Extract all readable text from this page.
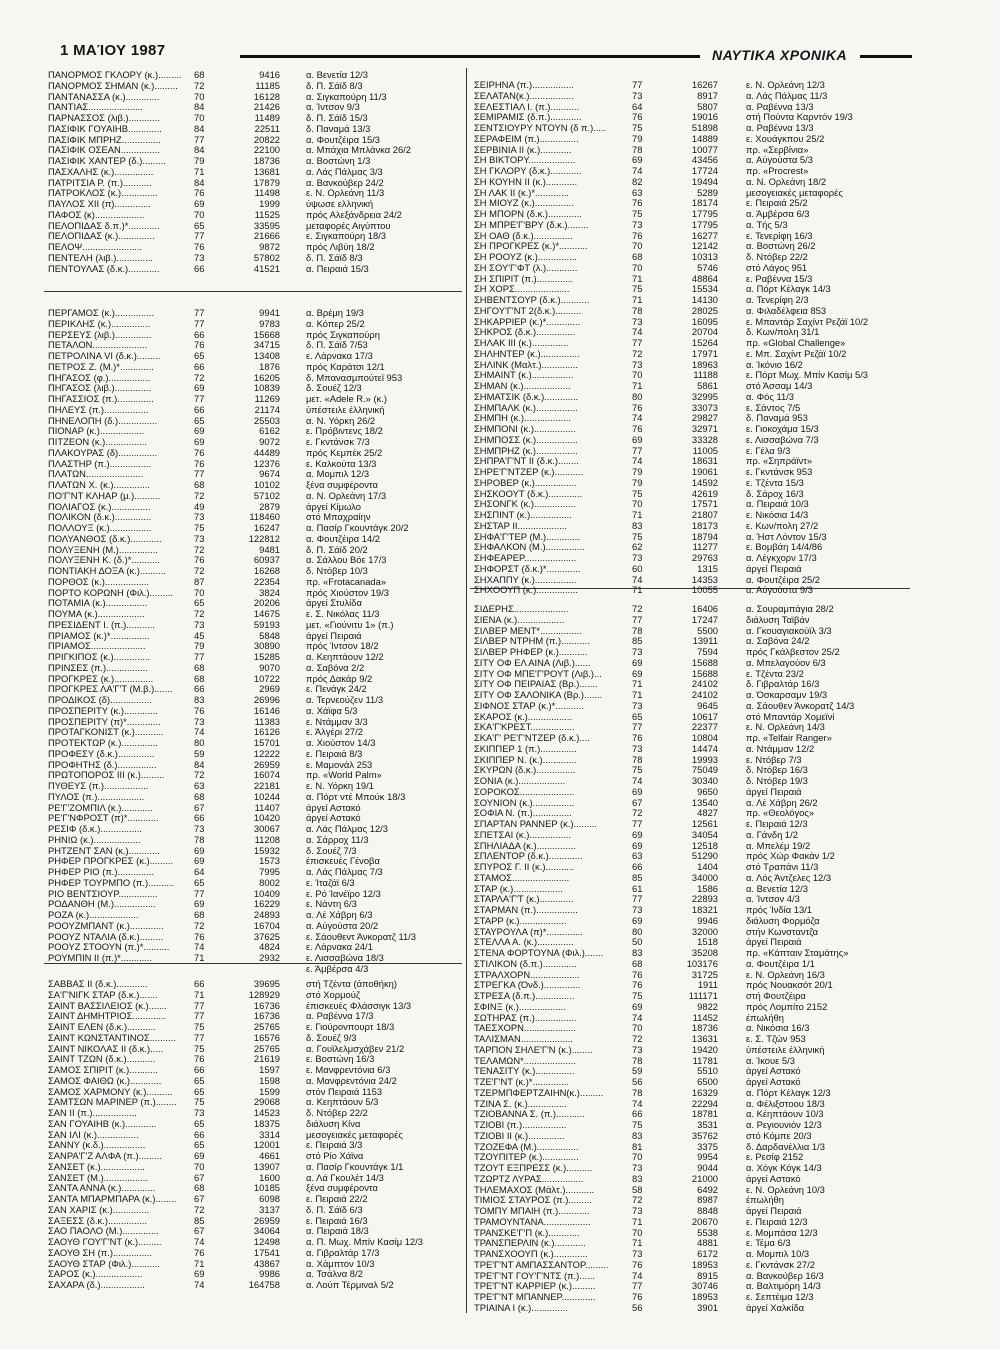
1 ΜΑΊΟΥ 1987	ΝΑΥΤΙΚΑ ΧΡΟΝΙΚΑ
ΠΑΝΟΡΜΟΣ ΓΚΛΟΡΥ (κ.).........	68	9416	α. Βενετία 12/3
ΠΑΝΟΡΜΟΣ ΣΗΜΑΝ (κ.).........	72	11185	δ. Π. Σάϊδ 8/3
ΠΑΝΤΑΝΑΣΣΑ (κ.).............	70	16128	α. Σιγκαπούρη 11/3
ΠΑΝΤΙΑΣ.....................	84	21426	α. Ίντσον 9/3
ΠΑΡΝΑΣΣΟΣ (λιβ.)............	70	11489	δ. Π. Σάϊδ 15/3
ΠΑΣΙΦΙΚ ΓΟΥΑΙΗΒ.............	84	22511	δ. Παναμά 13/3
ΠΑΣΙΦΙΚ ΜΠΡΗΖ...............	77	20822	α. Φουτζέιρα 15/3
ΠΑΣΙΦΙΚ ΟΣΕΑΝ...............	84	22100	α. Μπάχια Μπλάνκα 26/2
ΠΑΣΙΦΙΚ ΧΑΝΤΕΡ (δ.).........	79	18736	α. Βοστώνη 1/3
ΠΑΣΧΑΛΗΣ (κ.)...............	71	13681	α. Λάς Πάλμας 3/3
ΠΑΤΡΙΤΣΙΑ Ρ. (π.)...........	84	17879	α. Βανκούβερ 24/2
ΠΑΤΡΟΚΛΟΣ (κ.)..............	76	11498	ε. Ν. Ορλεάνη 11/3
ΠΑΥΛΟΣ XII (π)..............	69	1999	ύψωσε ελληνική
ΠΑΦΟΣ (κ)...................	70	11525	πρός Αλεξάνδρεια 24/2
ΠΕΛΟΠΙΔΑΣ δ.π.)*............	65	33595	μεταφορές Αιγύπτου
ΠΕΛΟΠΙΔΑΣ (κ.)..............	77	21666	ε. Σιγκαπούρη 18/3
ΠΕΛΟΨ.......................	76	9872	πρός Λιβύη 18/2
ΠΕΝΤΕΛΗ (λιβ.)..............	73	57802	δ. Π. Σάϊδ 8/3
ΠΕΝΤΟΥΛΑΣ (δ.κ.)............	66	41521	α. Πειραιά 15/3
ΠΕΡΓΑΜΟΣ (κ.)...............	77	9941	α. Βρέμη 19/3
ΠΕΡΙΚΛΗΣ (κ.)...............	77	9783	α. Κόπερ 25/2
ΠΕΡΣΕΥΣ (λιβ.)..............	66	15668	πρός Σιγκαπούρη
ΠΕΤΑΛΟΝ.....................	76	34715	δ. Π. Σάϊδ 7/53
ΠΕΤΡΟΛΙΝΑ VI (δ.κ.).........	65	13408	ε. Λάρνακα 17/3
ΠΕΤΡΟΣ Ζ. (Μ.)*.............	66	1876	πρός Καράτσι 12/1
ΠΗΓΑΣΟΣ (φ.)................	72	16205	δ. Μπανασμπούτεϊ 953
ΠΗΓΑΣΟΣ (λιβ.)..............	69	10839	δ. Σουέζ 12/3
ΠΗΓΑΣΣΙΟΣ (π.)..............	77	11269	μετ. «Adele R.» (κ.)
ΠΗΛΕΥΣ (π.).................	66	21174	ύπέστειλε έλληνική
ΠΗΝΕΛΟΠΗ (δ.)...............	65	25503	α. Ν. Υόρκη 26/2
ΠΙΟΝΑΡ (κ.).................	69	6162	ε. Πρόβιντενς 18/2
ΠΙΤΖΕΟΝ (κ.)................	69	9072	ε. Γκντάνσκ 7/3
ΠΛΑΚΟΥΡΑΣ (δ)...............	76	44489	πρός Κεμπέκ 25/2
ΠΛΑΣΤΗΡ (π.)................	76	12376	ε. Καλκούτα 13/3
ΠΛΑΤΩΝ......................	77	9674	α. Μομπιλ 12/3
ΠΛΑΤΩΝ Χ. (κ.)..............	68	10102	ξένα συμφέροντα
ΠΟ'Γ'ΝΤ ΚΛΗΑΡ (μ.)..........	72	57102	α. Ν. Ορλεάνη 17/3
ΠΟΛΙΑΓΟΣ (κ.)...............	49	2879	άργεί Κίμωλο
ΠΟΛΙΚΟΝ (δ.κ.)..............	73	118460	στό Μπαχραίην
ΠΟΛΛΟΥΞ (κ.)................	75	16247	α. Πασίρ Γκουντάγκ 20/2
ΠΟΛΥΑΝΘΟΣ (δ.κ.)............	73	122812	α. Φουτζέιρα 14/2
ΠΟΛΥΞΕΝΗ (Μ.)...............	72	9481	δ. Π. Σάϊδ 20/2
ΠΟΛΥΞΕΝΗ Κ. (δ.)*...........	76	60937	α. Σάλλου Βόε 17/3
ΠΟΝΤΙΑΚΗ ΔΟΞΑ (κ.)..........	72	16268	δ. Ντόβερ 10/3
ΠΟΡΘΟΣ (κ.).................	87	22354	πρ. «Frotacanada»
ΠΟΡΤΟ ΚΟΡΩΝΗ (Φιλ.).........	70	3824	πρός Χιούστον 19/3
ΠΟΤΑΜΙΑ (κ.)................	65	20206	άργεί Στυλίδα
ΠΟΥΜΑ (κ.)..................	72	14675	ε. Σ. Νικόλας 11/3
ΠΡΕΣΙΔΕΝΤ Ι. (π.)...........	73	59193	μετ. «Γιούνιτυ 1» (π.)
ΠΡΙΑΜΟΣ (κ.)*...............	45	5848	άργεί Πειραιά
ΠΡΙΑΜΟΣ.....................	79	30890	πρός Ίντσον 18/2
ΠΡΙΓΚΙΠΟΣ (κ.)..............	77	15285	α. Κεηπτάουν 12/2
ΠΡΙΝΣΕΣ (π.)................	68	9070	α. Σαβόνα 2/2
ΠΡΟΓΚΡΕΣ (κ.)...............	68	10722	πρός Δακάρ 9/2
ΠΡΟΓΚΡΕΣ ΛΑ'Γ'Τ (Μ.β.).......	66	2969	ε. Πενάγκ 24/2
ΠΡΟΔΙΚΟΣ (δ)................	83	26996	α. Τερνεούζεν 11/3
ΠΡΟΣΠΕΡΙΤΥ (κ.).............	76	16146	α. Χάϊφα 5/3
ΠΡΟΣΠΕΡΙΤΥ (π)*.............	73	11383	ε. Ντάμμαν 3/3
ΠΡΟΤΑΓΚΟΝΙΣΤ (κ.)...........	74	16126	ε. Άλγέρι 27/2
ΠΡΟΤΕΚΤΩΡ (κ.)..............	80	15701	α. Χιούστον 14/3
ΠΡΟΦΕΣΥ (δ.κ.)..............	59	12222	ε. Πειραιά 8/3
ΠΡΟΦΗΤΗΣ (δ.)...............	84	26959	ε. Μαμονάλ 253
ΠΡΩΤΟΠΟΡΟΣ ΙΙΙ (κ.).........	72	16074	πρ. «World Palm»
ΠΥΘΕΥΣ (π.).................	63	22181	ε. Ν. Υόρκη 19/1
ΠΥΛΟΣ (π.)..................	68	10244	α. Πόρτ ντέ Μπούκ 18/3
ΡΕ'Γ'ΖΟΜΠΙΛ (κ.)............	67	11407	άργεί Αστακό
ΡΕ'Γ'ΝΦΡΟΣΤ (π)*............	66	10420	άργεί Αστακό
ΡΕΣΙΦ (δ.κ.)................	73	30067	α. Λάς Πάλμας 12/3
ΡΗΝΙΩ (κ.)..................	78	11208	α. Σάρροχ 11/3
ΡΗΤΖΕΝΤ ΣΑΝ (κ.)............	69	15932	δ. Σουέζ 7/3
ΡΗΦΕΡ ΠΡΟΓΚΡΕΣ (κ.).........	69	1573	έπισκευές Γένοβα
ΡΗΦΕΡ ΡΙΟ (π.)..............	64	7995	α. Λάς Πάλμας 7/3
ΡΗΦΕΡ ΤΟΥΡΜΠΟ (π.)..........	65	8002	ε. Ίταζάϊ 6/3
ΡΙΟ ΒΕΝΤΣΙΟΥΡ...............	77	10409	ε. Ρό Ίανέϊρο 12/3
ΡΟΔΑΝΘΗ (Μ.)................	69	16229	ε. Νάντη 6/3
ΡΟΖΑ (κ.)...................	68	24893	α. Λέ Χάβρη 6/3
ΡΟΟΥΖΜΠΑΝΤ (κ.).............	72	16704	α. Αύγούστα 20/2
ΡΟΟΥΖ ΝΤΑΛΙΑ (δ.κ.).........	76	37625	ε. Σάουθεντ Άνκορατζ 11/3
ΡΟΟΥΖ ΣΤΟΟΥΝ (π.)*..........	74	4824	ε. Λάρνακα 24/1
ΡΟΥΜΠΙΝ ΙΙ (π.)*............	71	2932	ε. Λισσαβώνα 18/3
ε. Άμβέρσα 4/3
ΣΑΒΒΑΣ ΙΙ (δ.κ.)............	66	39695	στή Τζέντα (άποθήκη)
ΣΑ'Γ'ΝΙΓΚ ΣΤΑΡ (δ.κ.).......	71	128929	στό Χορμούζ
ΣΑΙΝΤ ΒΑΣΣΙΛΕΙΟΣ (κ.).......	77	16736	έπισκευές Φλάσσιγκ 13/3
ΣΑΙΝΤ ΔΗΜΗΤΡΙΟΣ.............	77	16736	α. Ραβέννα 17/3
ΣΑΙΝΤ ΕΛΕΝ (δ.κ.)...........	75	25765	ε. Γιούρονπουρτ 18/3
ΣΑΙΝΤ ΚΩΝΣΤΑΝΤΙΝΟΣ..........	77	16576	δ. Σουέζ 9/3
ΣΑΙΝΤ ΝΙΚΟΛΑΣ ΙΙ (δ.κ.).....	75	25765	α. Γουϊλελμσχάβεν 21/2
ΣΑΙΝΤ ΤΖΩΝ (δ.κ.)...........	76	21619	ε. Βοστώνη 16/3
ΣΑΜΟΣ ΣΠΙΡΙΤ (κ.)...........	66	1597	ε. Μανφρεντόνια 6/3
ΣΑΜΟΣ ΦΑΙΘΩ (κ.)............	65	1598	α. Μανφρεντόνια 24/2
ΣΑΜΟΣ ΧΑΡΜΟΝΥ (κ.)..........	65	1599	στόν Πειραιά 1153
ΣΑΜΤΣΩΝ ΜΑΡΙΝΕΡ (π.)........	75	29068	α. Κεηπτάουν 5/3
ΣΑΝ ΙΙ (π.).................	73	14523	δ. Ντόβερ 22/2
ΣΑΝ ΓΟΥΑΙΗΒ (κ.)............	65	18375	διάλυση Κίνα
ΣΑΝ ΙΛΙ (κ.)................	66	3314	μεσογειακές μεταφορές
ΣΑΝΝΥ (κ.δ.)................	65	12001	ε. Πειραιά 3/3
ΣΑΝΡΑ'Γ'Ζ ΑΛΦΑ (π.).........	69	4661	στό Ρίο Χάϊνα
ΣΑΝΣΕΤ (κ.).................	70	13907	α. Πασίρ Γκουντάγκ 1/1
ΣΑΝΣΕΤ (Μ.).................	67	1600	α. Λά Γκουλέτ 14/3
ΣΑΝΤΑ ΑΝΝΑ (κ.).............	68	10185	ξένα συμφέροντα
ΣΑΝΤΑ ΜΠΑΡΜΠΑΡΑ (κ.)........	67	6098	ε. Πειραιά 22/2
ΣΑΝ ΧΑΡΙΣ (κ.)..............	72	3137	δ. Π. Σάϊδ 6/3
ΣΑΞΕΣΣ (δ.κ.)...............	85	26959	ε. Πειραιά 16/3
ΣΑΟ ΠΑΟΛΟ (Μ.)..............	67	34064	α. Πειραιά 18/3
ΣΑΟΥΘ ΓΟΥ'Γ'ΝΤ (κ.).........	74	12498	α. Π. Μωχ. Μπίν Κασίμ 12/3
ΣΑΟΥΘ ΣΗ (π.)...............	76	17541	α. Γιβραλτάρ 17/3
ΣΑΟΥΘ ΣΤΑΡ (Φιλ.)...........	71	43867	α. Χάμπτον 10/3
ΣΑΡΟΣ (κ.)..................	69	9986	α. Τσάλνα 8/2
ΣΑΧΑΡΑ (δ.).................	74	164758	α. Λούπ Τέρμιναλ 5/2
ΣΕΙΡΗΝΑ (π.)................	77	16267	ε. Ν. Ορλεάνη 12/3
ΣΕΛΑΤΑΝ(κ.).................	73	8917	α. Λάς Πάλμας 11/3
ΣΕΛΕΣΤΙΑΛ Ι. (π.)...........	64	5807	α. Ραβέννα 13/3
ΣΕΜΙΡΑΜΙΣ (δ.π.)............	76	19016	στή Πούντα Καρντόν 19/3
ΣΕΝΤΣΙΟΥΡΥ ΝΤΟΥΝ (δ π.).....	75	51898	α. Ραβέννα 13/3
ΣΕΡΑΦΕΙΜ (π.)...............	79	14889	ε. Χουάγκπου 25/2
ΣΕΡΒΙΝΙΑ ΙΙ (κ.)............	78	10077	πρ. «Σερβίνια»
ΣΗ ΒΙΚΤΟΡΥ..................	69	43456	α. Αύγούστα 5/3
ΣΗ ΓΚΛΟΡΥ (δ.κ.)............	74	17724	πρ. «Procrest»
ΣΗ ΚΟΥΗΝ ΙΙ (κ.)............	82	19494	α. Ν. Ορλεάνη 18/2
ΣΗ ΛΑΚ ΙΙ (κ.)*.............	63	5289	μεσογειακές μεταφορές
ΣΗ ΜΙΟΥΖ (κ.)...............	76	18174	ε. Πειραιά 25/2
ΣΗ ΜΠΟΡΝ (δ.κ.).............	75	17795	α. Άμβέρσα 6/3
ΣΗ ΜΠΡΕ'Γ'ΒΡΥ (δ.κ.)........	73	17795	α. Τής 5/3
ΣΗ ΟΑΘ (δ.κ.)...............	76	16277	ε. Τενερίφη 16/3
ΣΗ ΠΡΟΓΚΡΕΣ (κ.)*...........	70	12142	α. Βοστώνη 26/2
ΣΗ ΡΟΟΥΖ (κ.)...............	68	10313	δ. Ντόβερ 22/2
ΣΗ ΣΟΥ'Γ'ΦΤ (λ.)............	70	5746	στό Λάγος 951
ΣΗ ΣΠΙΡΙΤ (π.)..............	71	48864	ε. Ραβέννα 15/3
ΣΗ ΧΟΡΣ.....................	75	15534	α. Πόρτ Κέλαγκ 14/3
ΣΗΒΕΝΤΣΟΥΡ (δ.κ.)...........	71	14130	α. Τενερίφη 2/3
ΣΗΓΟΥ'Γ'ΝΤ 2(δ.κ.)..........	78	28025	α. Φιλαδέλφεια 853
ΣΗΚΑΡΡΙΕΡ (κ.)*.............	73	16095	ε. Μπαντάρ Σαχίντ Ρεζάϊ 10/2
ΣΗΚΡΟΣ (δ.κ.)...............	74	20704	δ. Κων/πολη 31/1
ΣΗΛΑΚ ΙΙΙ (κ.)..............	77	15264	πρ. «Global Challenge»
ΣΗΛΗΝΤΕΡ (κ.)...............	72	17971	ε. Μπ. Σαχίντ Ρεζάϊ 10/2
ΣΗΛΙΝΚ (Μαλτ.)..............	73	18963	α. Ίκόνιο 16/2
ΣΗΜΑΙΝΤ (κ.)................	70	11188	ε. Πόρτ Μωχ. Μπίν Κασίμ 5/3
ΣΗΜΑΝ (κ.)..................	71	5861	στό Άσσαμ 14/3
ΣΗΜΑΤΣΙΚ (δ.κ.).............	80	32995	α. Φός 11/3
ΣΗΜΠΑΛΚ (κ.)................	76	33073	ε. Σάντος 7/5
ΣΗΜΠΗ (κ.)..................	74	29827	δ. Παναμά 953
ΣΗΜΠΟΝΙ (κ.)................	76	32971	ε. Γιοκοχάμα 15/3
ΣΗΜΠΟΣΣ (κ.)................	69	33328	ε. Λισσαβώνα 7/3
ΣΗΜΠΡΗΖ (κ.)................	77	11005	ε. Γέλα 9/3
ΣΗΠΡΑ'Γ'ΝΤ ΙΙ (δ.κ.)........	74	18631	πρ. «Σηπράϊντ»
ΣΗΡΕ'Γ'ΝΤΖΕΡ (κ.)...........	79	19061	ε. Γκντάνσκ 953
ΣΗΡΟΒΕΡ (κ.)................	79	14592	ε. Τζέντα 15/3
ΣΗΣΚΟΟΥΤ (δ.κ.).............	75	42619	δ. Σάροχ 16/3
ΣΗΣΟΝΓΚ (κ.)................	70	17571	α. Πειραιά 10/3
ΣΗΣΠΙΝΤ (κ.)................	71	21807	ε. Νικόσια 14/3
ΣΗΣΤΑΡ ΙΙ...................	83	18173	ε. Κων/πολη 27/2
ΣΗΦΑ'Γ'ΤΕΡ (Μ.).............	75	18794	α. Ήστ Λόντον 15/3
ΣΗΦΑΛΚΟΝ (Μ.)...............	62	11277	ε. Βομβάη 14/4/86
ΣΗΦΕΑΡΕΡ....................	73	29763	α. Λέγκχορν 17/3
ΣΗΦΟΡΣΤ (δ.κ.)*.............	60	1315	άργεί Πειραιά
ΣΗΧΑΠΠΥ (κ.)................	74	14353	α. Φουτζέιρα 25/2
ΣΗΧΟΟΥΠ (κ.)................	71	10055	α. Αύγούστα 9/3
ΣΙΔΕΡΗΣ.....................	72	16406	α. Σουραμπάγια 28/2
ΣΙΕΝΑ (κ.)..................	77	17247	διάλυση Ταϊβάν
ΣΙΛΒΕΡ ΜΕΝΤ*................	78	5500	α. Γκουαγιακούϊλ 3/3
ΣΙΛΒΕΡ ΝΤΡΗΜ (π.)...........	85	13911	α. Σαβόνα 24/2
ΣΙΛΒΕΡ ΡΗΦΕΡ (κ.)...........	73	7594	πρός Γκάλβεστον 25/2
ΣΙΤΥ ΟΦ ΕΛ ΑΙΝΑ (Λιβ.)......	69	15688	α. Μπελαγούον 6/3
ΣΙΤΥ ΟΦ ΜΠΕ'Γ'ΡΟΥΤ (Λιβ.)...	69	15688	ε. Τζέντα 23/2
ΣΙΤΥ ΟΦ ΠΕΙΡΑΙΑΣ (Βρ.).......	71	24102	δ. Γιβραλτάρ 16/3
ΣΙΤΥ ΟΦ ΣΑΛΟΝΙΚΑ (Βρ.).......	71	24102	α. Όσκαρσαμν 19/3
ΣΙΦΝΟΣ ΣΤΑΡ (κ.)*...........	73	9645	α. Σάουθεν Άνκορατζ 14/3
ΣΚΑΡΟΣ (κ.).................	65	10617	στό Μπαντάρ Χομεϊνί
ΣΚΑ'Γ'ΚΡΕΣΤ.................	77	22377	ε. Ν. Ορλεάνη 14/3
ΣΚΑ'Γ' ΡΕ'Γ'ΝΤΖΕΡ (δ.κ.)....	76	10804	πρ. «Telfair Ranger»
ΣΚΙΠΠΕΡ 1 (π.)..............	73	14474	α. Ντάμμαν 12/2
ΣΚΙΠΠΕΡ Ν. (κ.).............	78	19993	ε. Ντόβερ 7/3
ΣΚΥΡΩΝ (δ.κ.)...............	75	75049	δ. Ντόβερ 16/3
ΣΟΝΙΑ (κ.)..................	74	30340	δ. Ντόβερ 19/3
ΣΟΡΟΚΟΣ.....................	69	9650	άργεί Πειραιά
ΣΟΥΝΙΟΝ (κ.)................	67	13540	α. Λέ Χάβρη 26/2
ΣΟΦΙΑ Ν. (π.)...............	72	4827	πρ. «Θεολόγος»
ΣΠΑΡΤΑΝ ΡΑΝΝΕΡ (κ.).........	77	12561	ε. Πειραιά 12/3
ΣΠΕΤΣΑΙ (κ.)................	69	34054	α. Γάνδη 1/2
ΣΠΗΛΙΑΔΑ (κ.)...............	69	12518	α. Μπελέμ 19/2
ΣΠΛΕΝΤΟΡ (δ.κ.).............	63	51290	πρός Χώρ Φακάν 1/2
ΣΠΥΡΟΣ Γ. ΙΙ (κ.)...........	66	1404	στό Τραπάνι 11/3
ΣΤΑΜΟΣ......................	85	34000	α. Λός Άντζελες 12/3
ΣΤΑΡ (κ.)...................	61	1586	α. Βενετία 12/3
ΣΤΑΡΛΑ'Γ'Τ (κ.).............	77	22893	α. Ίντσον 4/3
ΣΤΑΡΜΑΝ (π.)................	73	18321	πρός Ίνδία 13/1
ΣΤΑΡΡ (κ.)..................	69	9946	διάλυση Φορμόζα
ΣΤΑΥΡΟΥΛΑ (π)*..............	80	32000	στήν Κωνσταντζα
ΣΤΕΛΛΑ Α. (κ.)..............	50	1518	άργεί Πειραιά
ΣΤΕΝΑ ΦΟΡΤΟΥΝΑ (Φιλ.).......	83	35208	πρ. «Κάπταιν Σταμάτης»
ΣΤΙΛΙΚΟΝ (δ.π.).............	68	103176	α. Φουτζέιρα 1/1
ΣΤΡΑΛΧΟΡΝ...................	76	31725	ε. Ν. Ορλεάνη 16/3
ΣΤΡΕΓΚΑ (Όνδ.)..............	76	1911	πρός Νουακσότ 20/1
ΣΤΡΕΣΑ (δ.π.)...............	75	111171	στή Φουτζέιρα
ΣΦΙΝΞ (κ.)..................	69	9822	πρός Λομπίτο 2152
ΣΩΤΗΡΑΣ (π.)................	74	11452	έπωλήθη
ΤΑΕΣΧΟΡΝ....................	70	18736	α. Νικόσια 16/3
ΤΑΛΙΣΜΑΝ....................	72	13631	ε. Σ. Τζών 953
ΤΑΡΠΟΝ ΣΗΛΕ'Γ'Ν (κ.)........	73	19420	ύπέστειλε έλληνική
ΤΕΛΑΜΩΝ*....................	78	11781	α. Ίκουε 5/3
ΤΕΝΑΣΙΤΥ (κ.)...............	59	5510	άργεί Αστακό
ΤΖΕ'Γ'ΝΤ (κ.)*..............	56	6500	άργεί Αστακό
ΤΖΕΡΜΠΦΕΡΤΖΑΙΗΝ(κ.).........	78	16329	α. Πόρτ Κέλαγκ 12/3
ΤΖΙΝΑ Σ. (κ.)...............	74	22294	α. Φέλιξστοου 18/3
ΤΖΙΟΒΑΝΝΑ Σ. (π.)...........	66	18781	α. Κέηπτάουν 10/3
ΤΖΙΟΒΙ (π.).................	75	3531	α. Ρεγιουνιόν 12/3
ΤΖΙΟΒΙ ΙΙ (κ.)..............	83	35762	στό Κόμπε 20/3
ΤΖΟΖΕΦΑ (Μ.)................	81	3375	δ. Δαρδανέλλια 1/3
ΤΖΟΥΠΙΤΕΡ (κ.)..............	70	9954	ε. Ρεσίφ 2152
ΤΖΟΥΤ ΕΞΠΡΕΣΣ (κ.)..........	73	9044	α. Χόγκ Κόγκ 14/3
ΤΖΩΡΤΖ ΛΥΡΑΣ................	83	21000	άργεί Αστακό
ΤΗΛΕΜΑΧΟΣ (Μάλτ.)...........	58	6492	ε. Ν. Ορλεάνη 10/3
ΤΙΜΙΟΣ ΣΤΑΥΡΟΣ (π.).........	72	8987	έπωλήθη
ΤΟΜΠΥ ΜΠΑΙΗ (π.)............	73	8848	άργεί Πειραιά
ΤΡΑΜΟΥΝΤΑΝΑ..................	71	20670	ε. Πειραιά 12/3
ΤΡΑΝΣΚΕ'Γ'Π (κ.)............	70	5538	ε. Μομπάσα 12/3
ΤΡΑΝΣΠΕΡΛΙΝ (κ.)............	71	4881	ε. Τέμα 6/3
ΤΡΑΝΣΧΟΟΥΠ (κ.).............	73	6172	α. Μομπιλ 10/3
ΤΡΕ'Γ'ΝΤ ΑΜΠΑΣΣΑΝΤΟΡ.........	76	18953	ε. Γκντάνσκ 27/2
ΤΡΕ'Γ'ΝΤ ΓΟΥ'Γ'ΝΤΣ (π.)......	74	8915	α. Βανκούβερ 16/3
ΤΡΕ'Γ'ΝΤ ΚΑΡΡΙΕΡ (κ.).........	77	30746	α. Βαλτιμόρη 14/3
ΤΡΕ'Γ'ΝΤ ΜΠΑΝΝΕΡ.............	76	18953	ε. Σεπτέιμα 12/3
ΤΡΙΑΙΝΑ Ι (κ.)..............	56	3901	άργεί Χαλκίδα
